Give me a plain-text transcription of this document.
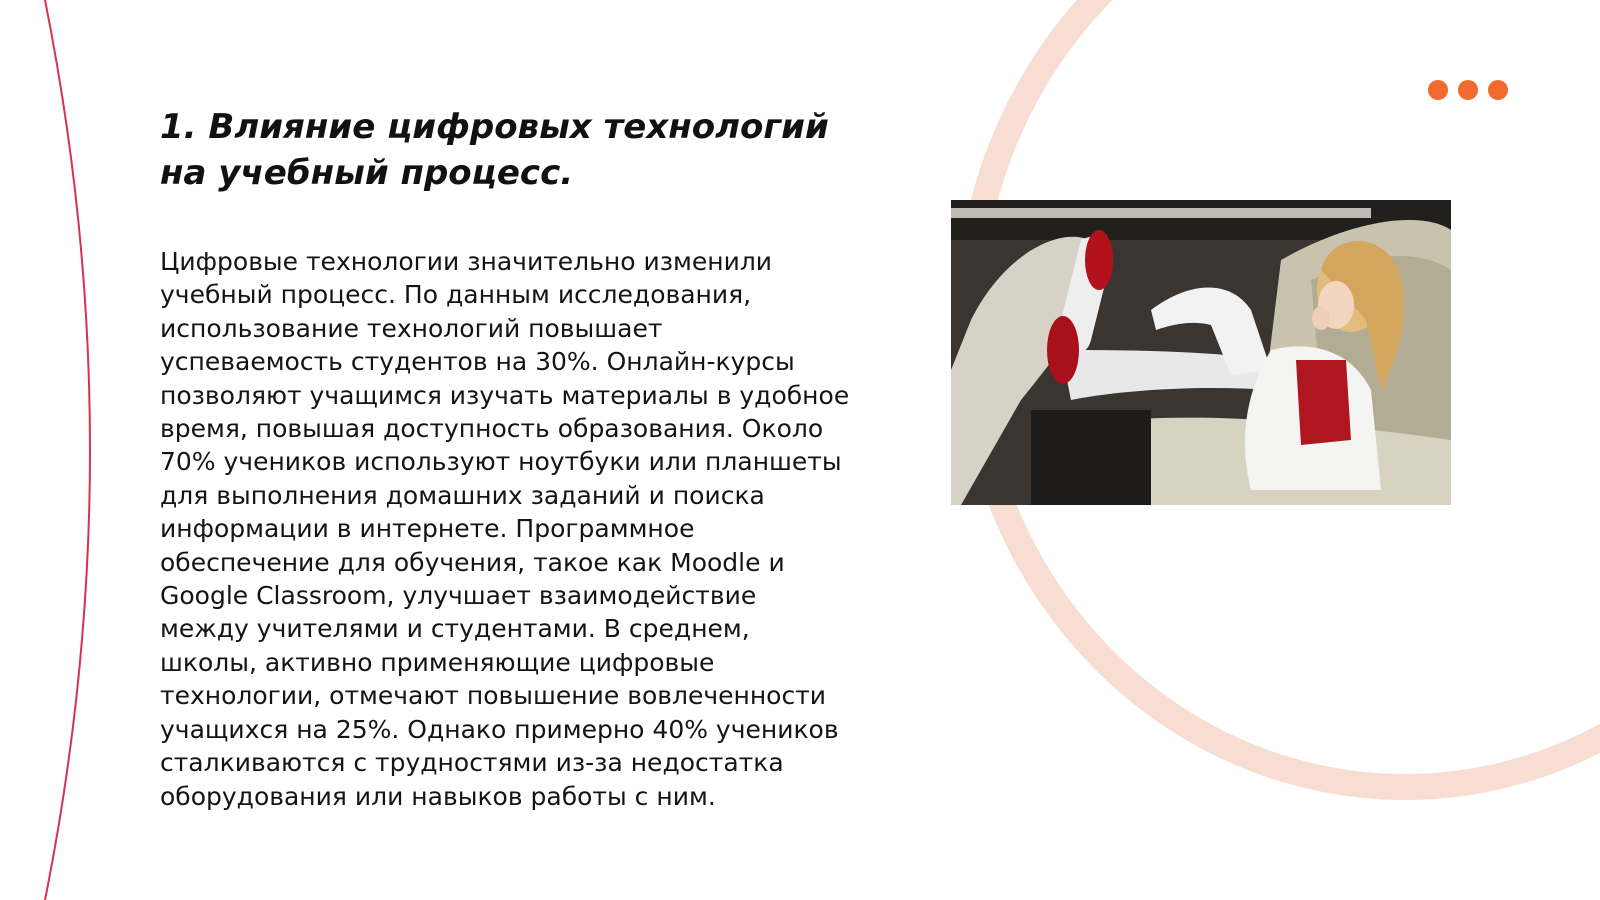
1. Влияние цифровых технологий
на учебный процесс.

Цифровые технологии значительно изменили учебный процесс. По данным исследования, использование технологий повышает успеваемость студентов на 30%. Онлайн-курсы позволяют учащимся изучать материалы в удобное время, повышая доступность образования. Около 70% учеников используют ноутбуки или планшеты для выполнения домашних заданий и поиска информации в интернете. Программное обеспечение для обучения, такое как Moodle и Google Classroom, улучшает взаимодействие между учителями и студентами. В среднем, школы, активно применяющие цифровые технологии, отмечают повышение вовлеченности учащихся на 25%. Однако примерно 40% учеников сталкиваются с трудностями из-за недостатка оборудования или навыков работы с ним.
